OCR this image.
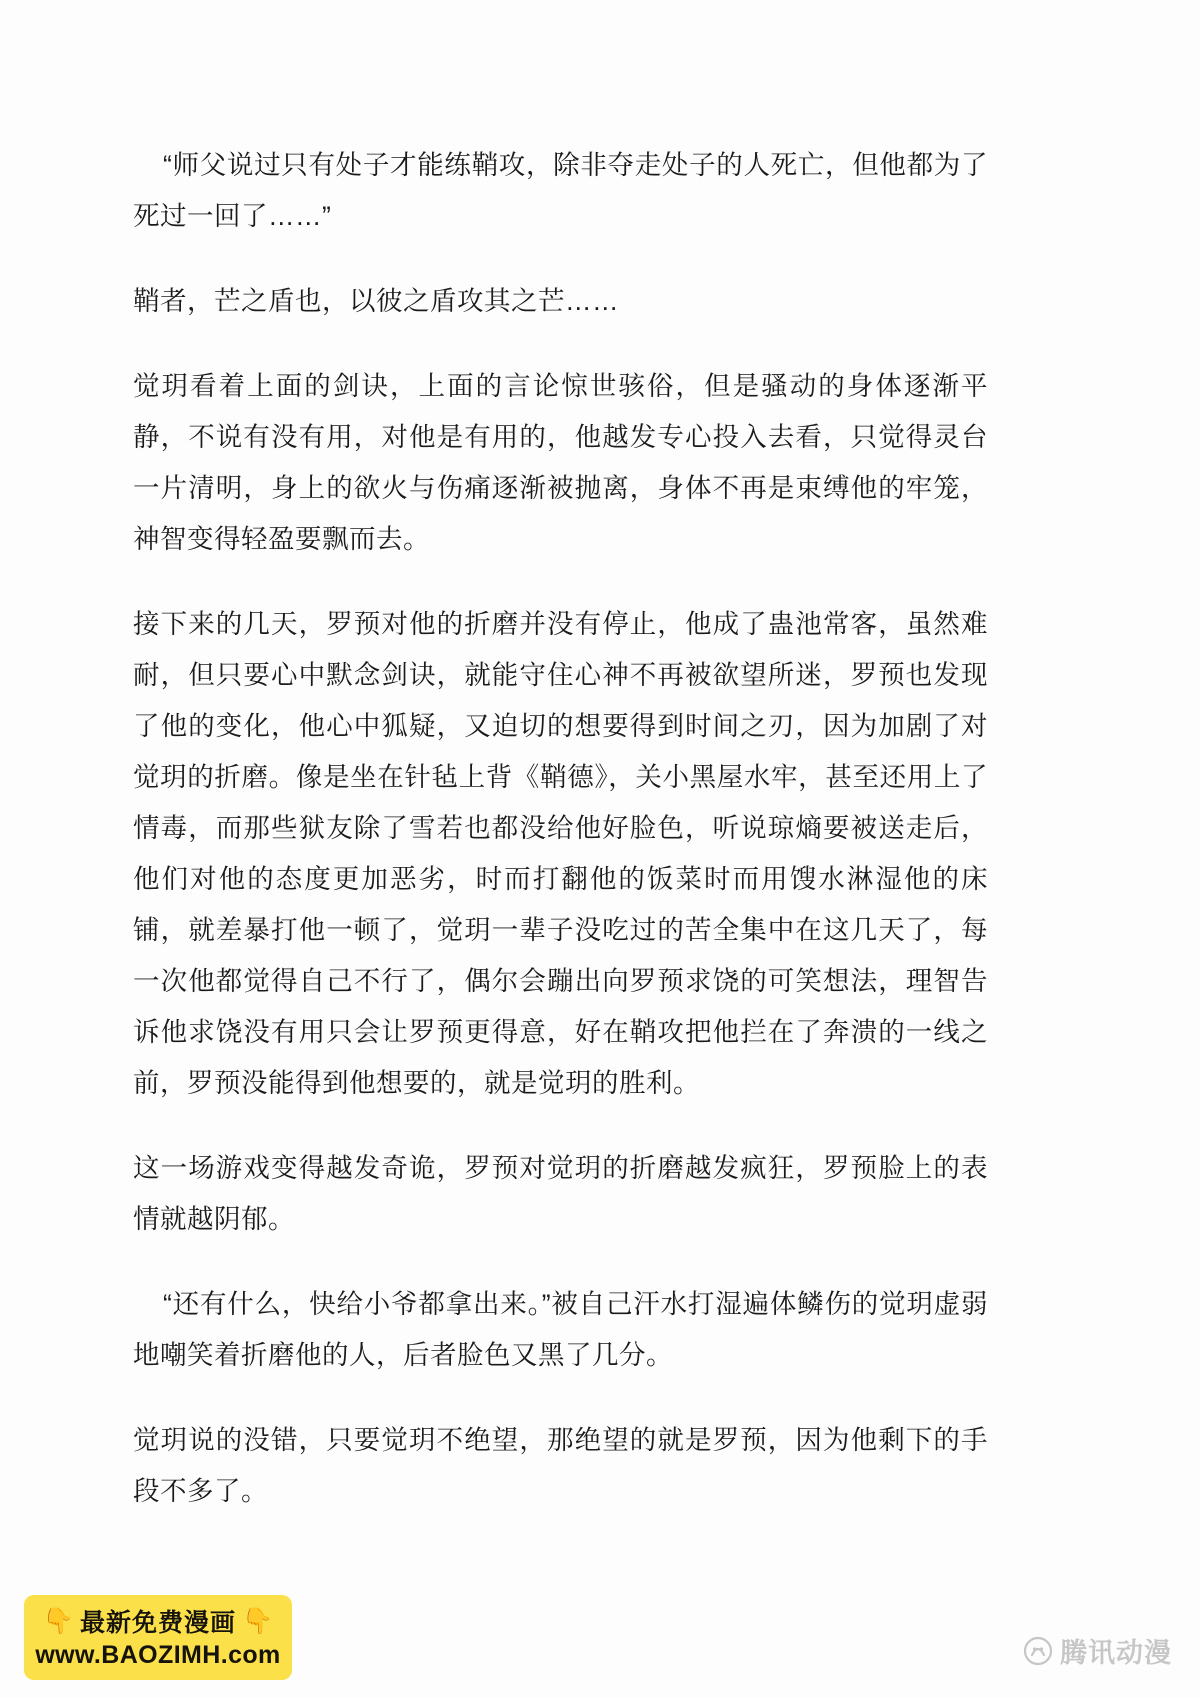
“师父说过只有处子才能练鞘攻，除非夺走处子的人死亡，但他都为了死过一回了……”

鞘者，芒之盾也，以彼之盾攻其之芒……

觉玥看着上面的剑诀，上面的言论惊世骇俗，但是骚动的身体逐渐平静，不说有没有用，对他是有用的，他越发专心投入去看，只觉得灵台一片清明，身上的欲火与伤痛逐渐被抛离，身体不再是束缚他的牢笼，神智变得轻盈要飘而去。

接下来的几天，罗预对他的折磨并没有停止，他成了蛊池常客，虽然难耐，但只要心中默念剑诀，就能守住心神不再被欲望所迷，罗预也发现了他的变化，他心中狐疑，又迫切的想要得到时间之刃，因为加剧了对觉玥的折磨。像是坐在针毡上背《鞘德》，关小黑屋水牢，甚至还用上了情毒，而那些狱友除了雪若也都没给他好脸色，听说琼熵要被送走后，他们对他的态度更加恶劣，时而打翻他的饭菜时而用馊水淋湿他的床铺，就差暴打他一顿了，觉玥一辈子没吃过的苦全集中在这几天了，每一次他都觉得自己不行了，偶尔会蹦出向罗预求饶的可笑想法，理智告诉他求饶没有用只会让罗预更得意，好在鞘攻把他拦在了奔溃的一线之前，罗预没能得到他想要的，就是觉玥的胜利。

这一场游戏变得越发奇诡，罗预对觉玥的折磨越发疯狂，罗预脸上的表情就越阴郁。

“还有什么，快给小爷都拿出来。”被自己汗水打湿遍体鳞伤的觉玥虚弱地嘲笑着折磨他的人，后者脸色又黑了几分。

觉玥说的没错，只要觉玥不绝望，那绝望的就是罗预，因为他剩下的手段不多了。

👇 最新免费漫画 👇
www.BAOZIMH.com	腾讯动漫
